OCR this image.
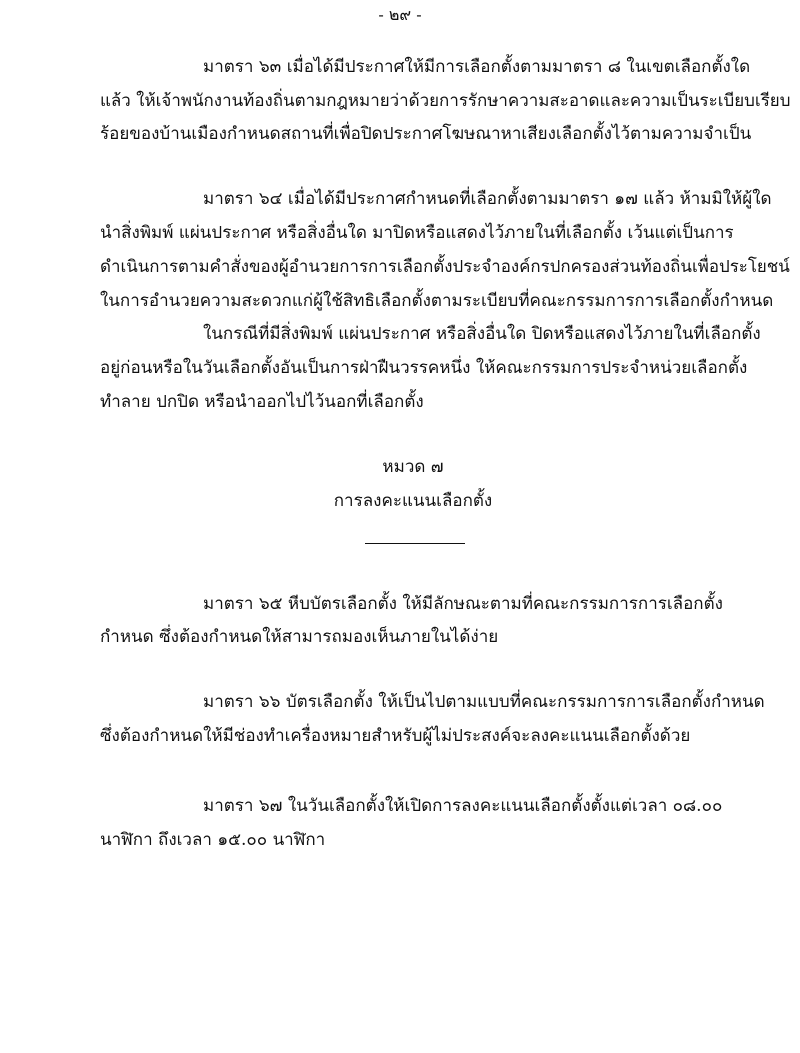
- ๒๙ -
มาตรา ๖๓ เมื่อได้มีประกาศให้มีการเลือกตั้งตามมาตรา ๘ ในเขตเลือกตั้งใด
แล้ว ให้เจ้าพนักงานท้องถิ่นตามกฎหมายว่าด้วยการรักษาความสะอาดและความเป็นระเบียบเรียบ
ร้อยของบ้านเมืองกำหนดสถานที่เพื่อปิดประกาศโฆษณาหาเสียงเลือกตั้งไว้ตามความจำเป็น
มาตรา ๖๔ เมื่อได้มีประกาศกำหนดที่เลือกตั้งตามมาตรา ๑๗ แล้ว ห้ามมิให้ผู้ใด
นำสิ่งพิมพ์ แผ่นประกาศ หรือสิ่งอื่นใด มาปิดหรือแสดงไว้ภายในที่เลือกตั้ง เว้นแต่เป็นการ
ดำเนินการตามคำสั่งของผู้อำนวยการการเลือกตั้งประจำองค์กรปกครองส่วนท้องถิ่นเพื่อประโยชน์
ในการอำนวยความสะดวกแก่ผู้ใช้สิทธิเลือกตั้งตามระเบียบที่คณะกรรมการการเลือกตั้งกำหนด
ในกรณีที่มีสิ่งพิมพ์ แผ่นประกาศ หรือสิ่งอื่นใด ปิดหรือแสดงไว้ภายในที่เลือกตั้ง
อยู่ก่อนหรือในวันเลือกตั้งอันเป็นการฝ่าฝืนวรรคหนึ่ง ให้คณะกรรมการประจำหน่วยเลือกตั้ง
ทำลาย ปกปิด หรือนำออกไปไว้นอกที่เลือกตั้ง
หมวด ๗
การลงคะแนนเลือกตั้ง
มาตรา ๖๕ หีบบัตรเลือกตั้ง ให้มีลักษณะตามที่คณะกรรมการการเลือกตั้ง
กำหนด ซึ่งต้องกำหนดให้สามารถมองเห็นภายในได้ง่าย
มาตรา ๖๖ บัตรเลือกตั้ง ให้เป็นไปตามแบบที่คณะกรรมการการเลือกตั้งกำหนด
ซึ่งต้องกำหนดให้มีช่องทำเครื่องหมายสำหรับผู้ไม่ประสงค์จะลงคะแนนเลือกตั้งด้วย
มาตรา ๖๗ ในวันเลือกตั้งให้เปิดการลงคะแนนเลือกตั้งตั้งแต่เวลา ๐๘.๐๐
นาฬิกา ถึงเวลา ๑๕.๐๐ นาฬิกา
